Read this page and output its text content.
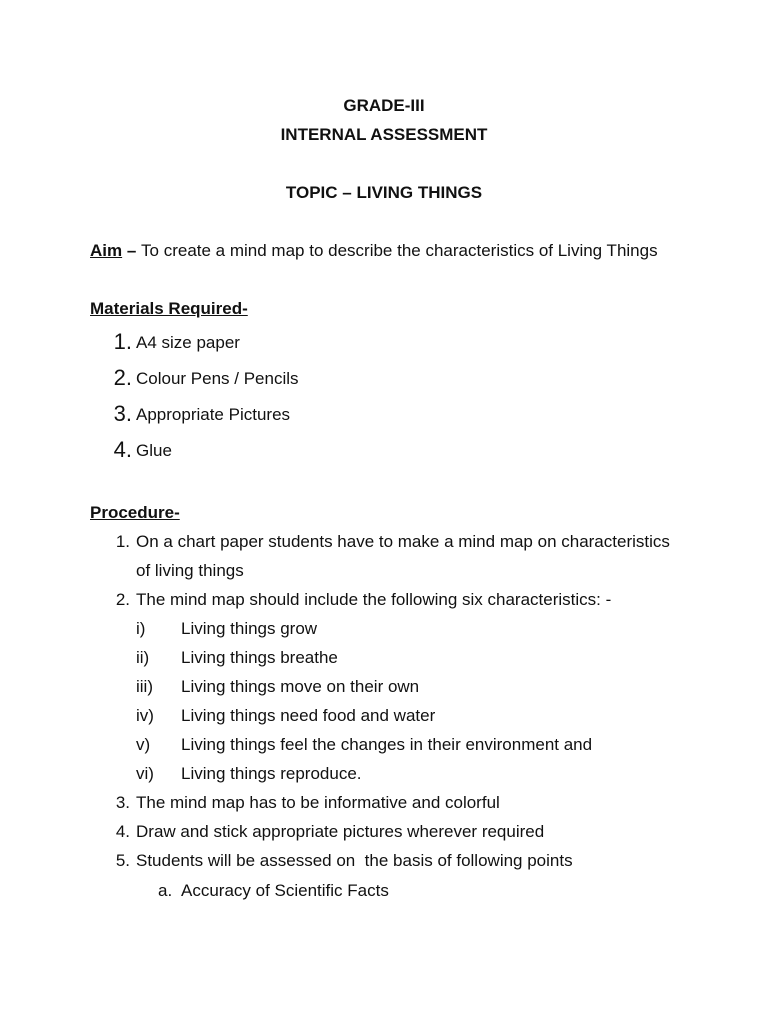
GRADE-III
INTERNAL ASSESSMENT
TOPIC – LIVING THINGS
Aim – To create a mind map to describe the characteristics of Living Things
Materials Required-
1. A4 size paper
2. Colour Pens / Pencils
3. Appropriate Pictures
4. Glue
Procedure-
1. On a chart paper students have to make a mind map on characteristics
of living things
2. The mind map should include the following six characteristics: -
i) Living things grow
ii) Living things breathe
iii) Living things move on their own
iv) Living things need food and water
v) Living things feel the changes in their environment and
vi) Living things reproduce.
3. The mind map has to be informative and colorful
4. Draw and stick appropriate pictures wherever required
5. Students will be assessed on  the basis of following points
a. Accuracy of Scientific Facts
